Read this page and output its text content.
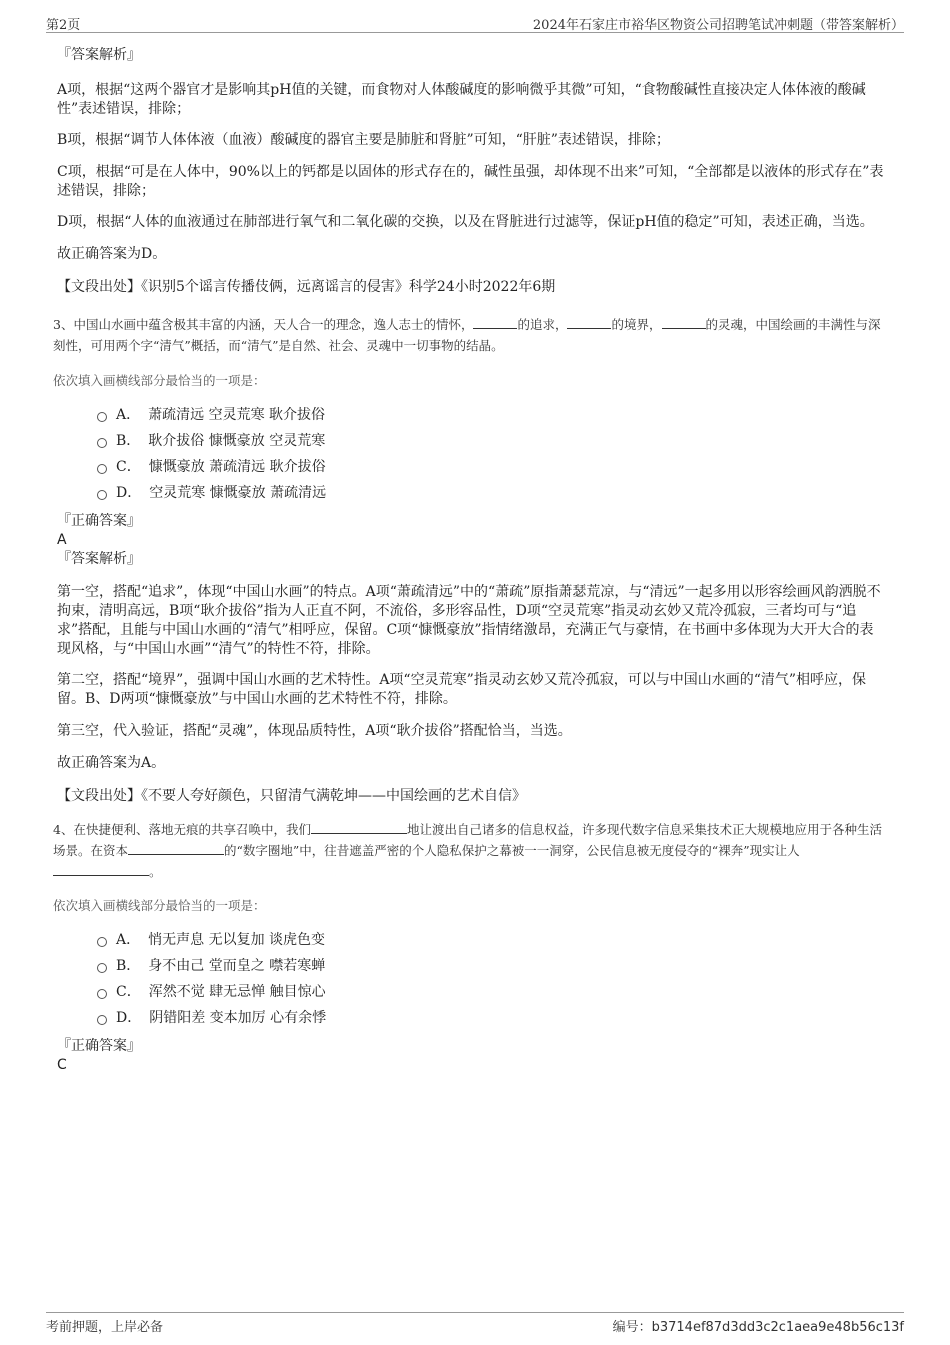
第2页	2024年石家庄市裕华区物资公司招聘笔试冲刺题（带答案解析）

『答案解析』

A项，根据“这两个器官才是影响其pH值的关键，而食物对人体酸碱度的影响微乎其微”可知，“食物酸碱性直接决定人体体液的酸碱性”表述错误，排除；

B项，根据“调节人体体液（血液）酸碱度的器官主要是肺脏和肾脏”可知，“肝脏”表述错误，排除；

C项，根据“可是在人体中，90%以上的钙都是以固体的形式存在的，碱性虽强，却体现不出来”可知，“全部都是以液体的形式存在”表述错误，排除；

D项，根据“人体的血液通过在肺部进行氧气和二氧化碳的交换，以及在肾脏进行过滤等，保证pH值的稳定”可知，表述正确，当选。

故正确答案为D。

【文段出处】《识别5个谣言传播伎俩，远离谣言的侵害》科学24小时2022年6期

3、中国山水画中蕴含极其丰富的内涵，天人合一的理念，逸人志士的情怀，	的追求，	的境界，	的灵魂，中国绘画的丰满性与深刻性，可用两个字“清气”概括，而“清气”是自然、社会、灵魂中一切事物的结晶。

依次填入画横线部分最恰当的一项是：

A． 萧疏清远 空灵荒寒 耿介拔俗
B． 耿介拔俗 慷慨豪放 空灵荒寒
C． 慷慨豪放 萧疏清远 耿介拔俗
D． 空灵荒寒 慷慨豪放 萧疏清远

『正确答案』

A

『答案解析』

第一空，搭配“追求”，体现“中国山水画”的特点。A项“萧疏清远”中的“萧疏”原指萧瑟荒凉，与“清远”一起多用以形容绘画风韵洒脱不拘束，清明高远，B项“耿介拔俗”指为人正直不阿，不流俗，多形容品性，D项“空灵荒寒”指灵动玄妙又荒冷孤寂，三者均可与“追求”搭配，且能与中国山水画的“清气”相呼应，保留。C项“慷慨豪放”指情绪激昂，充满正气与豪情，在书画中多体现为大开大合的表现风格，与“中国山水画”“清气”的特性不符，排除。

第二空，搭配“境界”，强调中国山水画的艺术特性。A项“空灵荒寒”指灵动玄妙又荒冷孤寂，可以与中国山水画的“清气”相呼应，保留。B、D两项“慷慨豪放”与中国山水画的艺术特性不符，排除。

第三空，代入验证，搭配“灵魂”，体现品质特性，A项“耿介拔俗”搭配恰当，当选。

故正确答案为A。

【文段出处】《不要人夸好颜色，只留清气满乾坤——中国绘画的艺术自信》

4、在快捷便利、落地无痕的共享召唤中，我们	地让渡出自己诸多的信息权益，许多现代数字信息采集技术正大规模地应用于各种生活场景。在资本	的“数字圈地”中，往昔遮盖严密的个人隐私保护之幕被一一洞穿，公民信息被无度侵夺的“裸奔”现实让人。

依次填入画横线部分最恰当的一项是：

A． 悄无声息 无以复加 谈虎色变
B． 身不由己 堂而皇之 噤若寒蝉
C． 浑然不觉 肆无忌惮 触目惊心
D． 阴错阳差 变本加厉 心有余悸

『正确答案』

C

考前押题，上岸必备	编号：b3714ef87d3dd3c2c1aea9e48b56c13f
